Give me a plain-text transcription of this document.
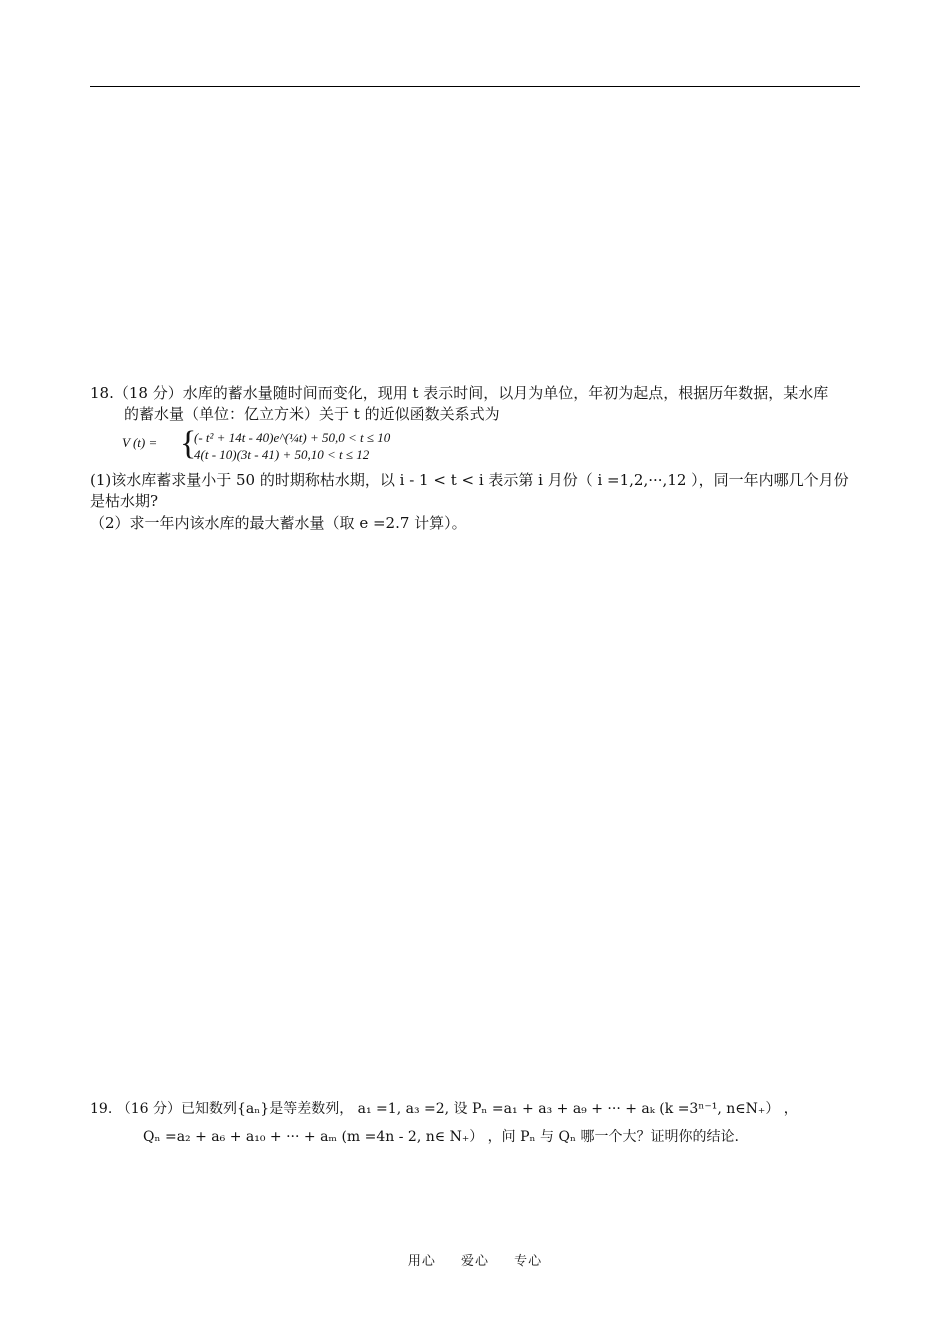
18.（18 分）水库的蓄水量随时间而变化，现用 t 表示时间，以月为单位，年初为起点，根据历年数据，某水库
的蓄水量（单位：亿立方米）关于 t 的近似函数关系式为
V (t) = {
(- t² + 14t - 40)e^(¼t) + 50,0 < t ≤ 10
4(t - 10)(3t - 41) + 50,10 < t ≤ 12
(1)该水库蓄求量小于 50 的时期称枯水期，以 i - 1 < t < i 表示第 i 月份（ i =1,2,···,12 ），同一年内哪几个月份
是枯水期?
（2）求一年内该水库的最大蓄水量（取 e =2.7 计算）。
19. （16 分）已知数列{aₙ}是等差数列， a₁ =1, a₃ =2, 设 Pₙ =a₁ + a₃ + a₉ + ··· + aₖ (k =3ⁿ⁻¹, n∈N₊） ，
Qₙ =a₂ + a₆ + a₁₀ + ··· + aₘ (m =4n - 2, n∈ N₊） ，问 Pₙ 与 Qₙ 哪一个大？证明你的结论.
用心 爱心 专心
